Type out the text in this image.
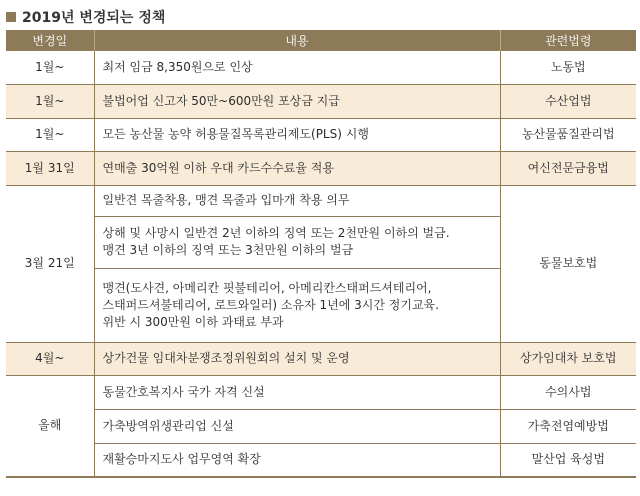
2019년 변경되는 정책
변경일	내용	관련법령
1월~	최저 임금 8,350원으로 인상	노동법
1월~	불법어업 신고자 50만~600만원 포상금 지급	수산업법
1월~	모든 농산물 농약 허용물질목록관리제도(PLS) 시행	농산물품질관리법
1월 31일	연매출 30억원 이하 우대 카드수수료율 적용	여신전문금융법
3월 21일	일반견 목줄착용, 맹견 목줄과 입마개 착용 의무	동물보호법
	상해 및 사망시 일반견 2년 이하의 징역 또는 2천만원 이하의 벌금.
맹견 3년 이하의 징역 또는 3천만원 이하의 벌금	
	맹견(도사견, 아메리칸 핏불테리어, 아메리칸스태퍼드셔테리어,
스태퍼드셔불테리어, 로트와일러) 소유자 1년에 3시간 정기교육.
위반 시 300만원 이하 과태료 부과	
4월~	상가건물 임대차분쟁조정위원회의 설치 및 운영	상가임대차 보호법
올해	동물간호복지사 국가 자격 신설	수의사법
	가축방역위생관리업 신설	가축전염예방법
	재활승마지도사 업무영역 확장	말산업 육성법
